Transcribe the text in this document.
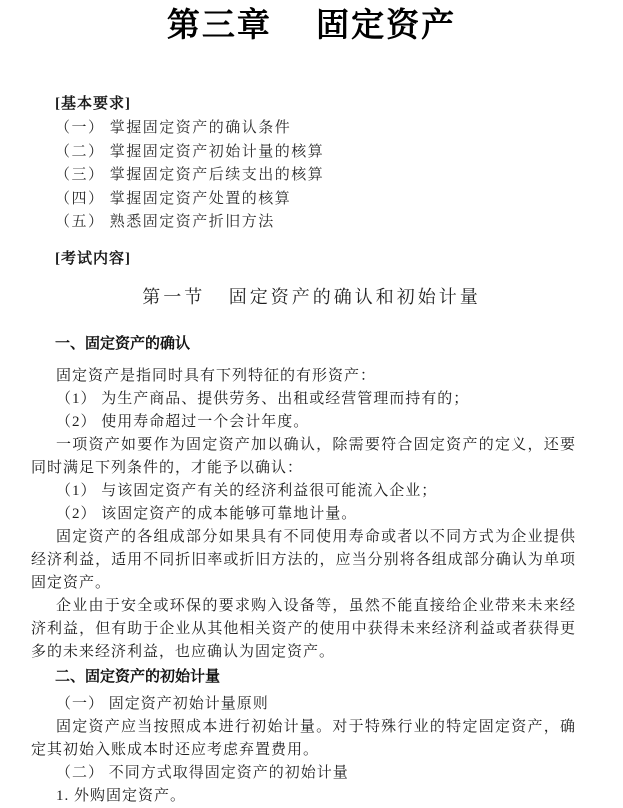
第三章 固定资产
[基本要求]
（一） 掌握固定资产的确认条件
（二） 掌握固定资产初始计量的核算
（三） 掌握固定资产后续支出的核算
（四） 掌握固定资产处置的核算
（五） 熟悉固定资产折旧方法
[考试内容]
第一节 固定资产的确认和初始计量
一、固定资产的确认

固定资产是指同时具有下列特征的有形资产：

（1） 为生产商品、提供劳务、出租或经营管理而持有的；

（2） 使用寿命超过一个会计年度。

一项资产如要作为固定资产加以确认，除需要符合固定资产的定义，还要同时满足下列条件的，才能予以确认：

（1） 与该固定资产有关的经济利益很可能流入企业；

（2） 该固定资产的成本能够可靠地计量。

固定资产的各组成部分如果具有不同使用寿命或者以不同方式为企业提供经济利益，适用不同折旧率或折旧方法的，应当分别将各组成部分确认为单项固定资产。

企业由于安全或环保的要求购入设备等，虽然不能直接给企业带来未来经济利益，但有助于企业从其他相关资产的使用中获得未来经济利益或者获得更多的未来经济利益，也应确认为固定资产。

二、固定资产的初始计量

（一） 固定资产初始计量原则

固定资产应当按照成本进行初始计量。对于特殊行业的特定固定资产，确定其初始入账成本时还应考虑弃置费用。

（二） 不同方式取得固定资产的初始计量

1. 外购固定资产。
